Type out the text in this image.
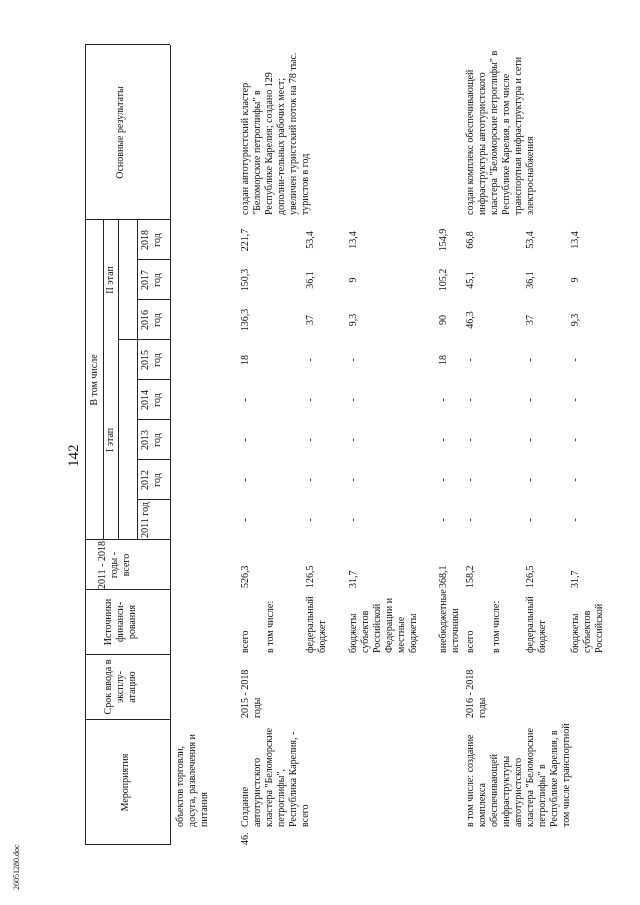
142
Мероприятия
Срок ввода в эксплу-атацию
Источники финанси-рования
2011 - 2018 годы - всего
В том числе
I этап
II этап
2011 год
2012 год
2013 год
2014 год
2015 год
2016 год
2017 год
2018 год
Основные результаты
объектов торговли, досуга, развлечения и питания
46.
Создание автотуристского кластера "Беломорские петроглифы", Республика Карелия, - всего
2015 - 2018 годы
создан автотуристский кластер "Беломорские петроглифы" в Республике Карелия; создано 129 дополни-тельных рабочих мест; увеличен туристский поток на 78 тыс. туристов в год
всего
526,3
-
-
-
-
18
136,3
150,3
221,7
в том числе:	федеральный бюджет
126,5
-
-
-
-
-
37
36,1
53,4
бюджеты субъектов Российской Федерации и местные бюджеты
31,7
-
-
-
-
-
9,3
9
13,4
внебюджетные источники
368,1
-
-
-
-
18
90
105,2
154,9
в том числе: создание комплекса обеспечивающей инфраструктуры автотуристского кластера "Беломорские петроглифы" в Республике Карелия, в том числе транспортной
2016 - 2018 годы
создан комплекс обеспечивающей инфраструктуры автотуристского кластера "Беломорские петроглифы" в Республике Карелия, в том числе транспортная инфраструктура и сети электроснабжения
всего
158,2
-
-
-
-
-
46,3
45,1
66,8
в том числе: федеральный бюджет
126,5
-
-
-
-
-
37
36,1
53,4
бюджеты субъектов Российской
31,7
-
-
-
-
-
9,3
9
13,4
26051280.doc
